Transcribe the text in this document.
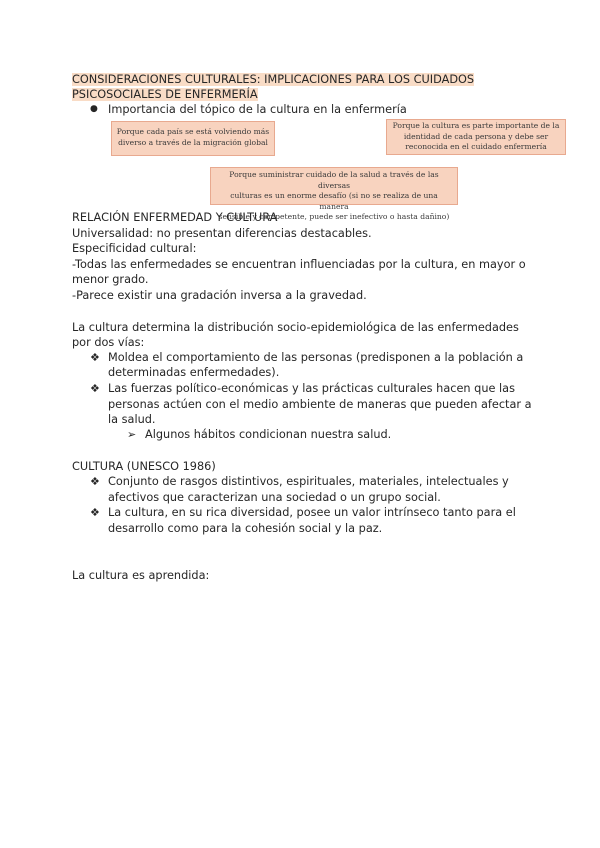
CONSIDERACIONES CULTURALES: IMPLICACIONES PARA LOS CUIDADOS
PSICOSOCIALES DE ENFERMERÍA
● Importancia del tópico de la cultura en la enfermería
Porque cada país se está volviendo más
diverso a través de la migración global
Porque la cultura es parte importante de la
identidad de cada persona y debe ser
reconocida en el cuidado enfermería
Porque suministrar cuidado de la salud a través de las diversas
culturas es un enorme desafío (si no se realiza de una manera
sensible y competente, puede ser inefectivo o hasta dañino)
RELACIÓN ENFERMEDAD Y CULTURA
Universalidad: no presentan diferencias destacables.
Especificidad cultural:
-Todas las enfermedades se encuentran influenciadas por la cultura, en mayor o
menor grado.
-Parece existir una gradación inversa a la gravedad.
La cultura determina la distribución socio-epidemiológica de las enfermedades
por dos vías:
❖ Moldea el comportamiento de las personas (predisponen a la población a
determinadas enfermedades).
❖ Las fuerzas político-económicas y las prácticas culturales hacen que las
personas actúen con el medio ambiente de maneras que pueden afectar a
la salud.
➢ Algunos hábitos condicionan nuestra salud.
CULTURA (UNESCO 1986)
❖ Conjunto de rasgos distintivos, espirituales, materiales, intelectuales y
afectivos que caracterizan una sociedad o un grupo social.
❖ La cultura, en su rica diversidad, posee un valor intrínseco tanto para el
desarrollo como para la cohesión social y la paz.
La cultura es aprendida:
